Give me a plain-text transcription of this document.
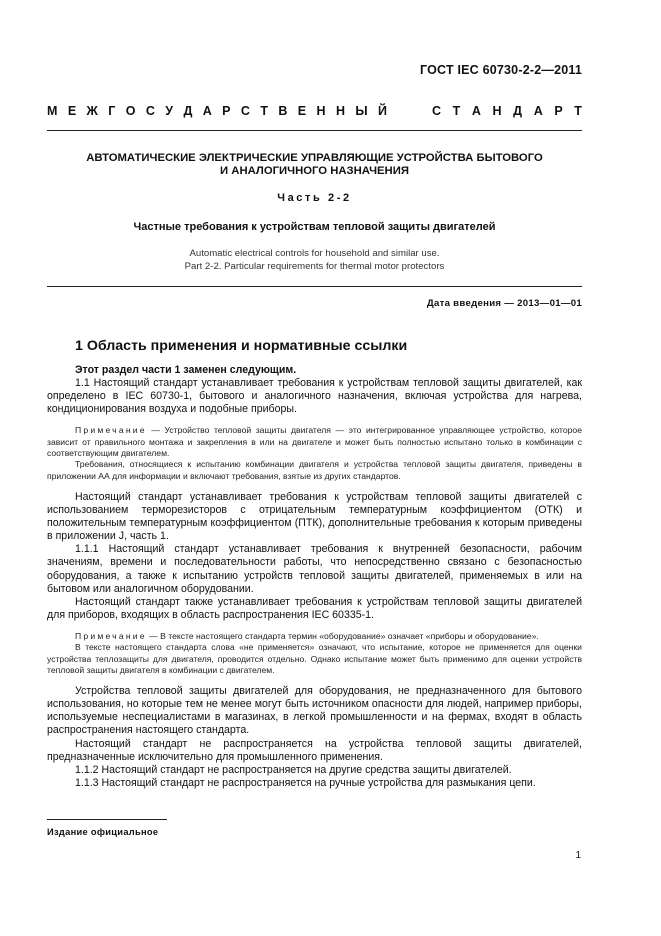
ГОСТ IEC 60730-2-2—2011
М Е Ж Г О С У Д А Р С Т В Е Н Н Ы Й	С Т А Н Д А Р Т
АВТОМАТИЧЕСКИЕ ЭЛЕКТРИЧЕСКИЕ УПРАВЛЯЮЩИЕ УСТРОЙСТВА БЫТОВОГО
И АНАЛОГИЧНОГО НАЗНАЧЕНИЯ
Часть 2-2
Частные требования к устройствам тепловой защиты двигателей
Automatic electrical controls for household and similar use.
Part 2-2. Particular requirements for thermal motor protectors
Дата введения — 2013—01—01
1 Область применения и нормативные ссылки

Этот раздел части 1 заменен следующим.

1.1 Настоящий стандарт устанавливает требования к устройствам тепловой защиты двигателей, как определено в IEC 60730-1, бытового и аналогичного назначения, включая устройства для нагрева, кондиционирования воздуха и подобные приборы.

Примечание — Устройство тепловой защиты двигателя — это интегрированное управляющее устройство, которое зависит от правильного монтажа и закрепления в или на двигателе и может быть полностью испытано только в комбинации с соответствующим двигателем.

Требования, относящиеся к испытанию комбинации двигателя и устройства тепловой защиты двигателя, приведены в приложении АА для информации и включают требования, взятые из других стандартов.

Настоящий стандарт устанавливает требования к устройствам тепловой защиты двигателей с использованием терморезисторов с отрицательным температурным коэффициентом (ОТК) и положительным температурным коэффициентом (ПТК), дополнительные требования к которым приведены в приложении J, часть 1.

1.1.1 Настоящий стандарт устанавливает требования к внутренней безопасности, рабочим значениям, времени и последовательности работы, что непосредственно связано с безопасностью оборудования, а также к испытанию устройств тепловой защиты двигателей, применяемых в или на бытовом или аналогичном оборудовании.

Настоящий стандарт также устанавливает требования к устройствам тепловой защиты двигателей для приборов, входящих в область распространения IEC 60335-1.

Примечание — В тексте настоящего стандарта термин «оборудование» означает «приборы и оборудование».

В тексте настоящего стандарта слова «не применяется» означают, что испытание, которое не применяется для оценки устройства теплозащиты для двигателя, проводится отдельно. Однако испытание может быть применимо для оценки устройств тепловой защиты двигателя в комбинации с двигателем.

Устройства тепловой защиты двигателей для оборудования, не предназначенного для бытового использования, но которые тем не менее могут быть источником опасности для людей, например приборы, используемые неспециалистами в магазинах, в легкой промышленности и на фермах, входят в область распространения настоящего стандарта.

Настоящий стандарт не распространяется на устройства тепловой защиты двигателей, предназначенные исключительно для промышленного применения.

1.1.2 Настоящий стандарт не распространяется на другие средства защиты двигателей.

1.1.3 Настоящий стандарт не распространяется на ручные устройства для размыкания цепи.

Издание официальное
1
